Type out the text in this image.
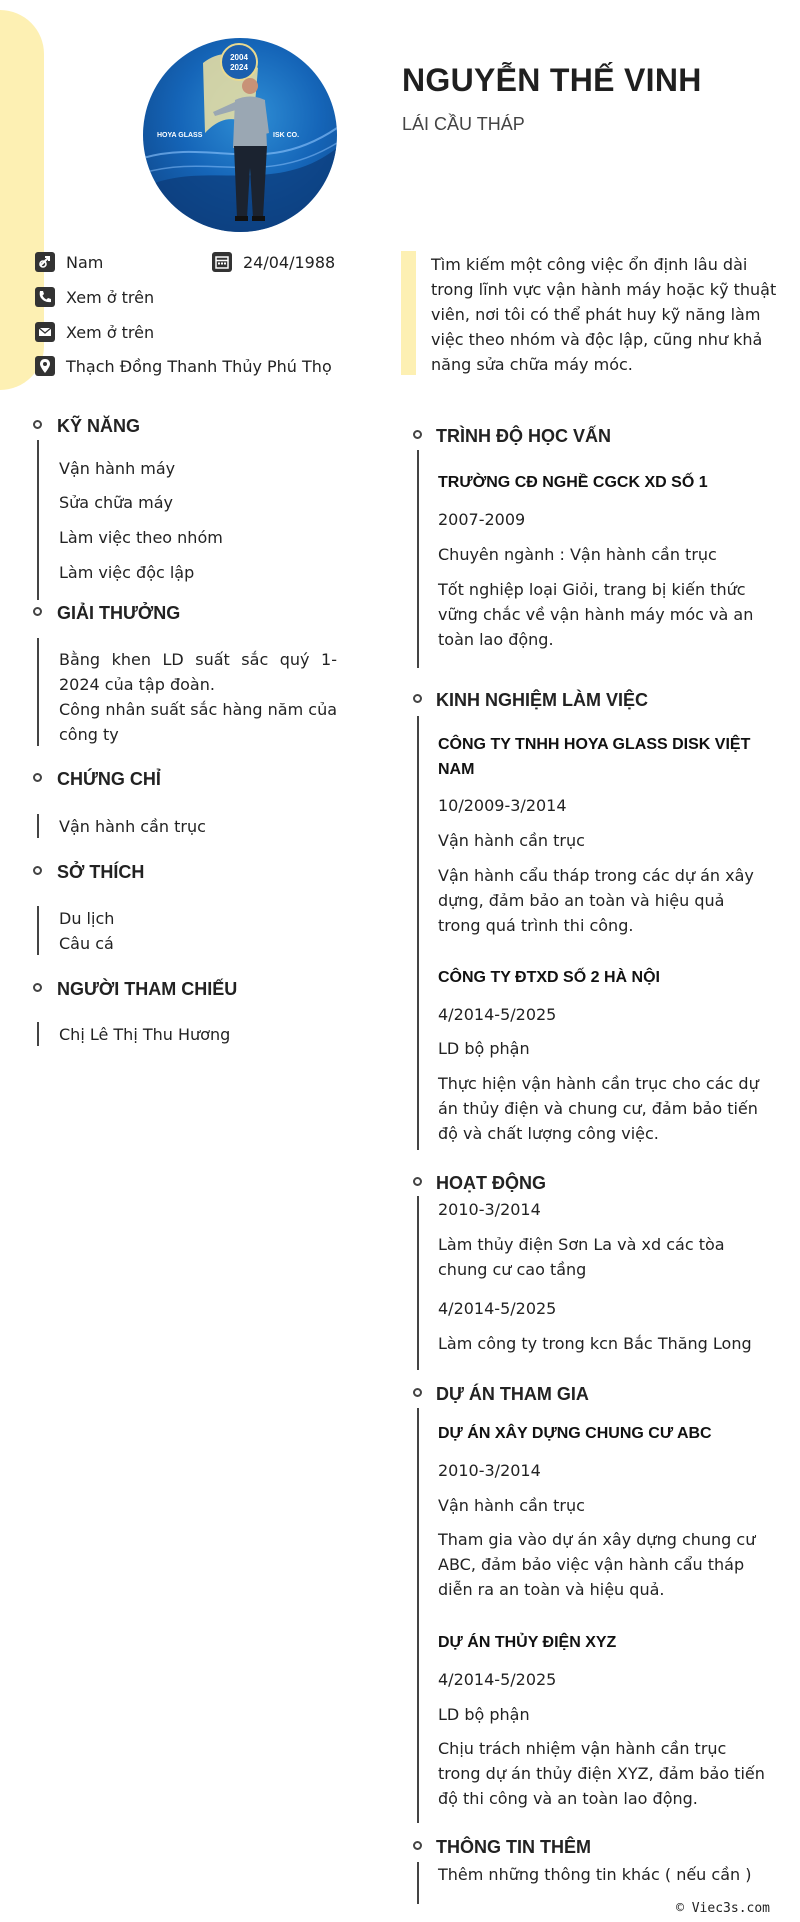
2004
2024
HOYA GLASS	ISK CO.
NGUYỄN THẾ VINH
LÁI CẦU THÁP
Nam	24/04/1988
Xem ở trên
Xem ở trên
Thạch Đồng Thanh Thủy Phú Thọ
Tìm kiếm một công việc ổn định lâu dài trong lĩnh vực vận hành máy hoặc kỹ thuật viên, nơi tôi có thể phát huy kỹ năng làm việc theo nhóm và độc lập, cũng như khả năng sửa chữa máy móc.
KỸ NĂNG
Vận hành máy
Sửa chữa máy
Làm việc theo nhóm
Làm việc độc lập
GIẢI THƯỞNG
Bằng khen LD suất sắc quý 1-2024 của tập đoàn.
Công nhân suất sắc hàng năm của công ty
CHỨNG CHỈ
Vận hành cần trục
SỞ THÍCH
Du lịch
Câu cá
NGƯỜI THAM CHIẾU
Chị Lê Thị Thu Hương
TRÌNH ĐỘ HỌC VẤN
TRƯỜNG CĐ NGHỀ CGCK XD SỐ 1
2007-2009
Chuyên ngành : Vận hành cần trục
Tốt nghiệp loại Giỏi, trang bị kiến thức vững chắc về vận hành máy móc và an toàn lao động.
KINH NGHIỆM LÀM VIỆC
CÔNG TY TNHH HOYA GLASS DISK VIỆT NAM
10/2009-3/2014
Vận hành cần trục
Vận hành cẩu tháp trong các dự án xây dựng, đảm bảo an toàn và hiệu quả trong quá trình thi công.
CÔNG TY ĐTXD SỐ 2 HÀ NỘI
4/2014-5/2025
LD bộ phận
Thực hiện vận hành cần trục cho các dự án thủy điện và chung cư, đảm bảo tiến độ và chất lượng công việc.
HOẠT ĐỘNG
2010-3/2014
Làm thủy điện Sơn La và xd các tòa chung cư cao tầng
4/2014-5/2025
Làm công ty trong kcn Bắc Thăng Long
DỰ ÁN THAM GIA
DỰ ÁN XÂY DỰNG CHUNG CƯ ABC
2010-3/2014
Vận hành cần trục
Tham gia vào dự án xây dựng chung cư ABC, đảm bảo việc vận hành cẩu tháp diễn ra an toàn và hiệu quả.
DỰ ÁN THỦY ĐIỆN XYZ
4/2014-5/2025
LD bộ phận
Chịu trách nhiệm vận hành cần trục trong dự án thủy điện XYZ, đảm bảo tiến độ thi công và an toàn lao động.
THÔNG TIN THÊM
Thêm những thông tin khác ( nếu cần )
© Viec3s.com
